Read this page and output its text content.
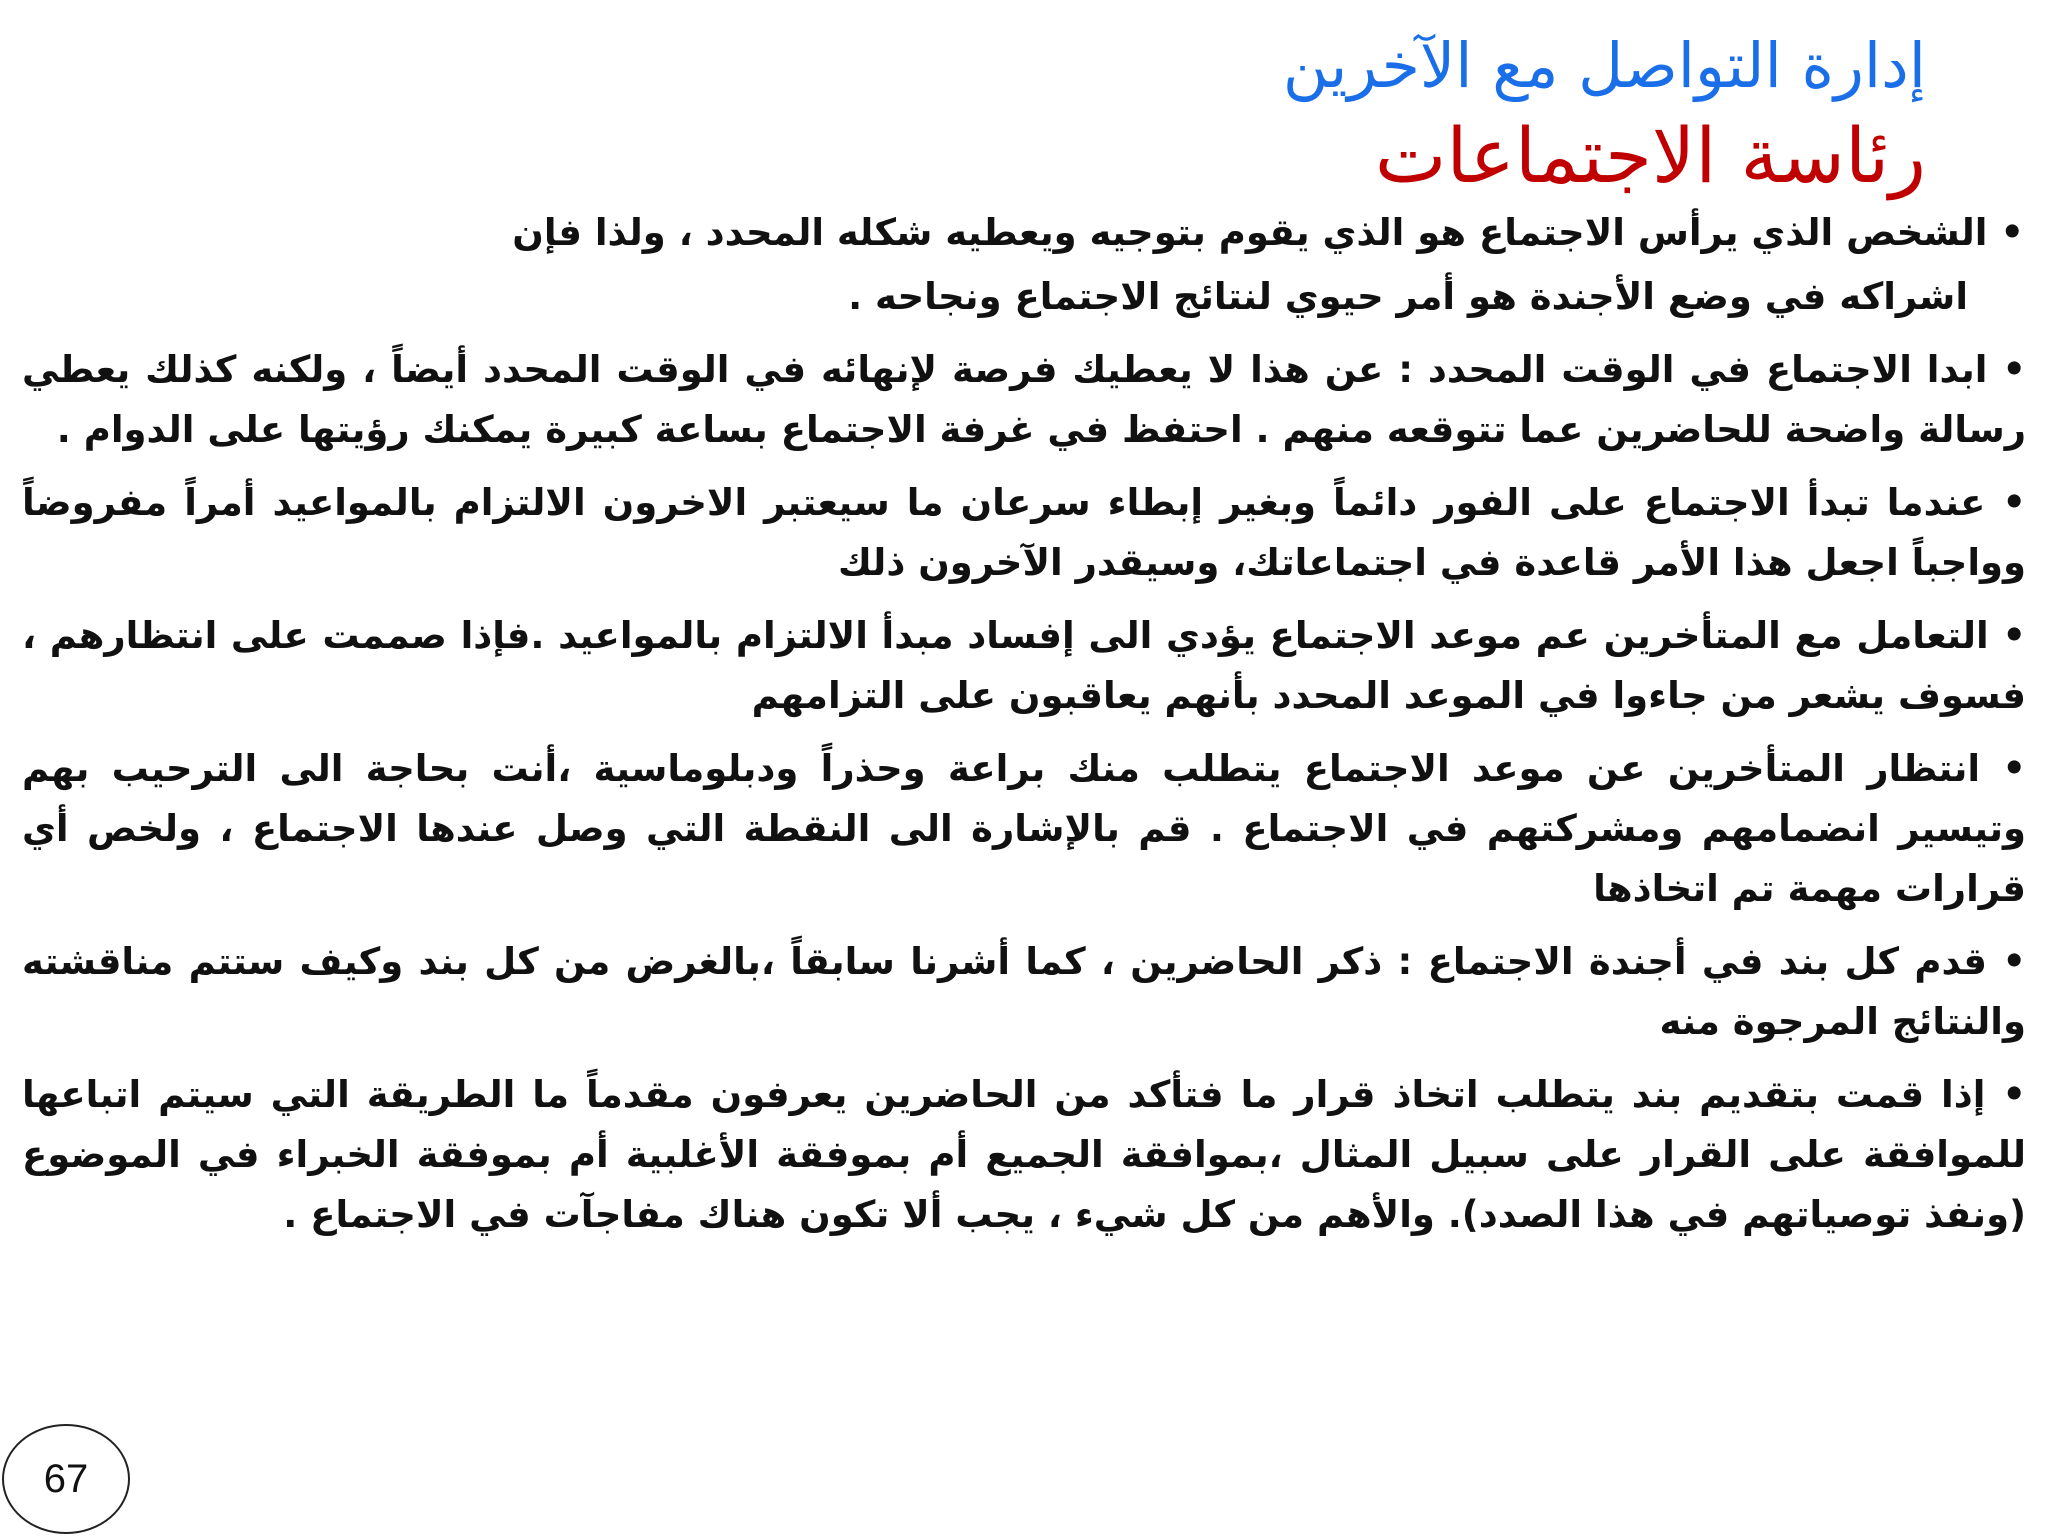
إدارة التواصل مع الآخرين
رئاسة الاجتماعات

• الشخص الذي يرأس الاجتماع هو الذي يقوم بتوجيه ويعطيه شكله المحدد ، ولذا فإن

اشراكه في وضع الأجندة هو أمر حيوي لنتائج الاجتماع ونجاحه .

• ابدا الاجتماع في الوقت المحدد : عن هذا لا يعطيك فرصة لإنهائه في الوقت المحدد أيضاً ، ولكنه كذلك يعطي رسالة واضحة للحاضرين عما تتوقعه منهم . احتفظ في غرفة الاجتماع بساعة كبيرة يمكنك رؤيتها على الدوام .

• عندما تبدأ الاجتماع على الفور دائماً وبغير إبطاء سرعان ما سيعتبر الاخرون الالتزام بالمواعيد أمراً مفروضاً وواجباً اجعل هذا الأمر قاعدة في اجتماعاتك، وسيقدر الآخرون ذلك

• التعامل مع المتأخرين عم موعد الاجتماع يؤدي الى إفساد مبدأ الالتزام بالمواعيد .فإذا صممت على انتظارهم ، فسوف يشعر من جاءوا في الموعد المحدد بأنهم يعاقبون على التزامهم

• انتظار المتأخرين عن موعد الاجتماع يتطلب منك براعة وحذراً ودبلوماسية ،أنت بحاجة الى الترحيب بهم وتيسير انضمامهم ومشركتهم في الاجتماع . قم بالإشارة الى النقطة التي وصل عندها الاجتماع ، ولخص أي قرارات مهمة تم اتخاذها

• قدم كل بند في أجندة الاجتماع : ذكر الحاضرين ، كما أشرنا سابقاً ،بالغرض من كل بند وكيف ستتم مناقشته والنتائج المرجوة منه

• إذا قمت بتقديم بند يتطلب اتخاذ قرار ما فتأكد من الحاضرين يعرفون مقدماً ما الطريقة التي سيتم اتباعها للموافقة على القرار على سبيل المثال ،بموافقة الجميع أم بموفقة الأغلبية أم بموفقة الخبراء في الموضوع (ونفذ توصياتهم في هذا الصدد). والأهم من كل شيء ، يجب ألا تكون هناك مفاجآت في الاجتماع .

67
